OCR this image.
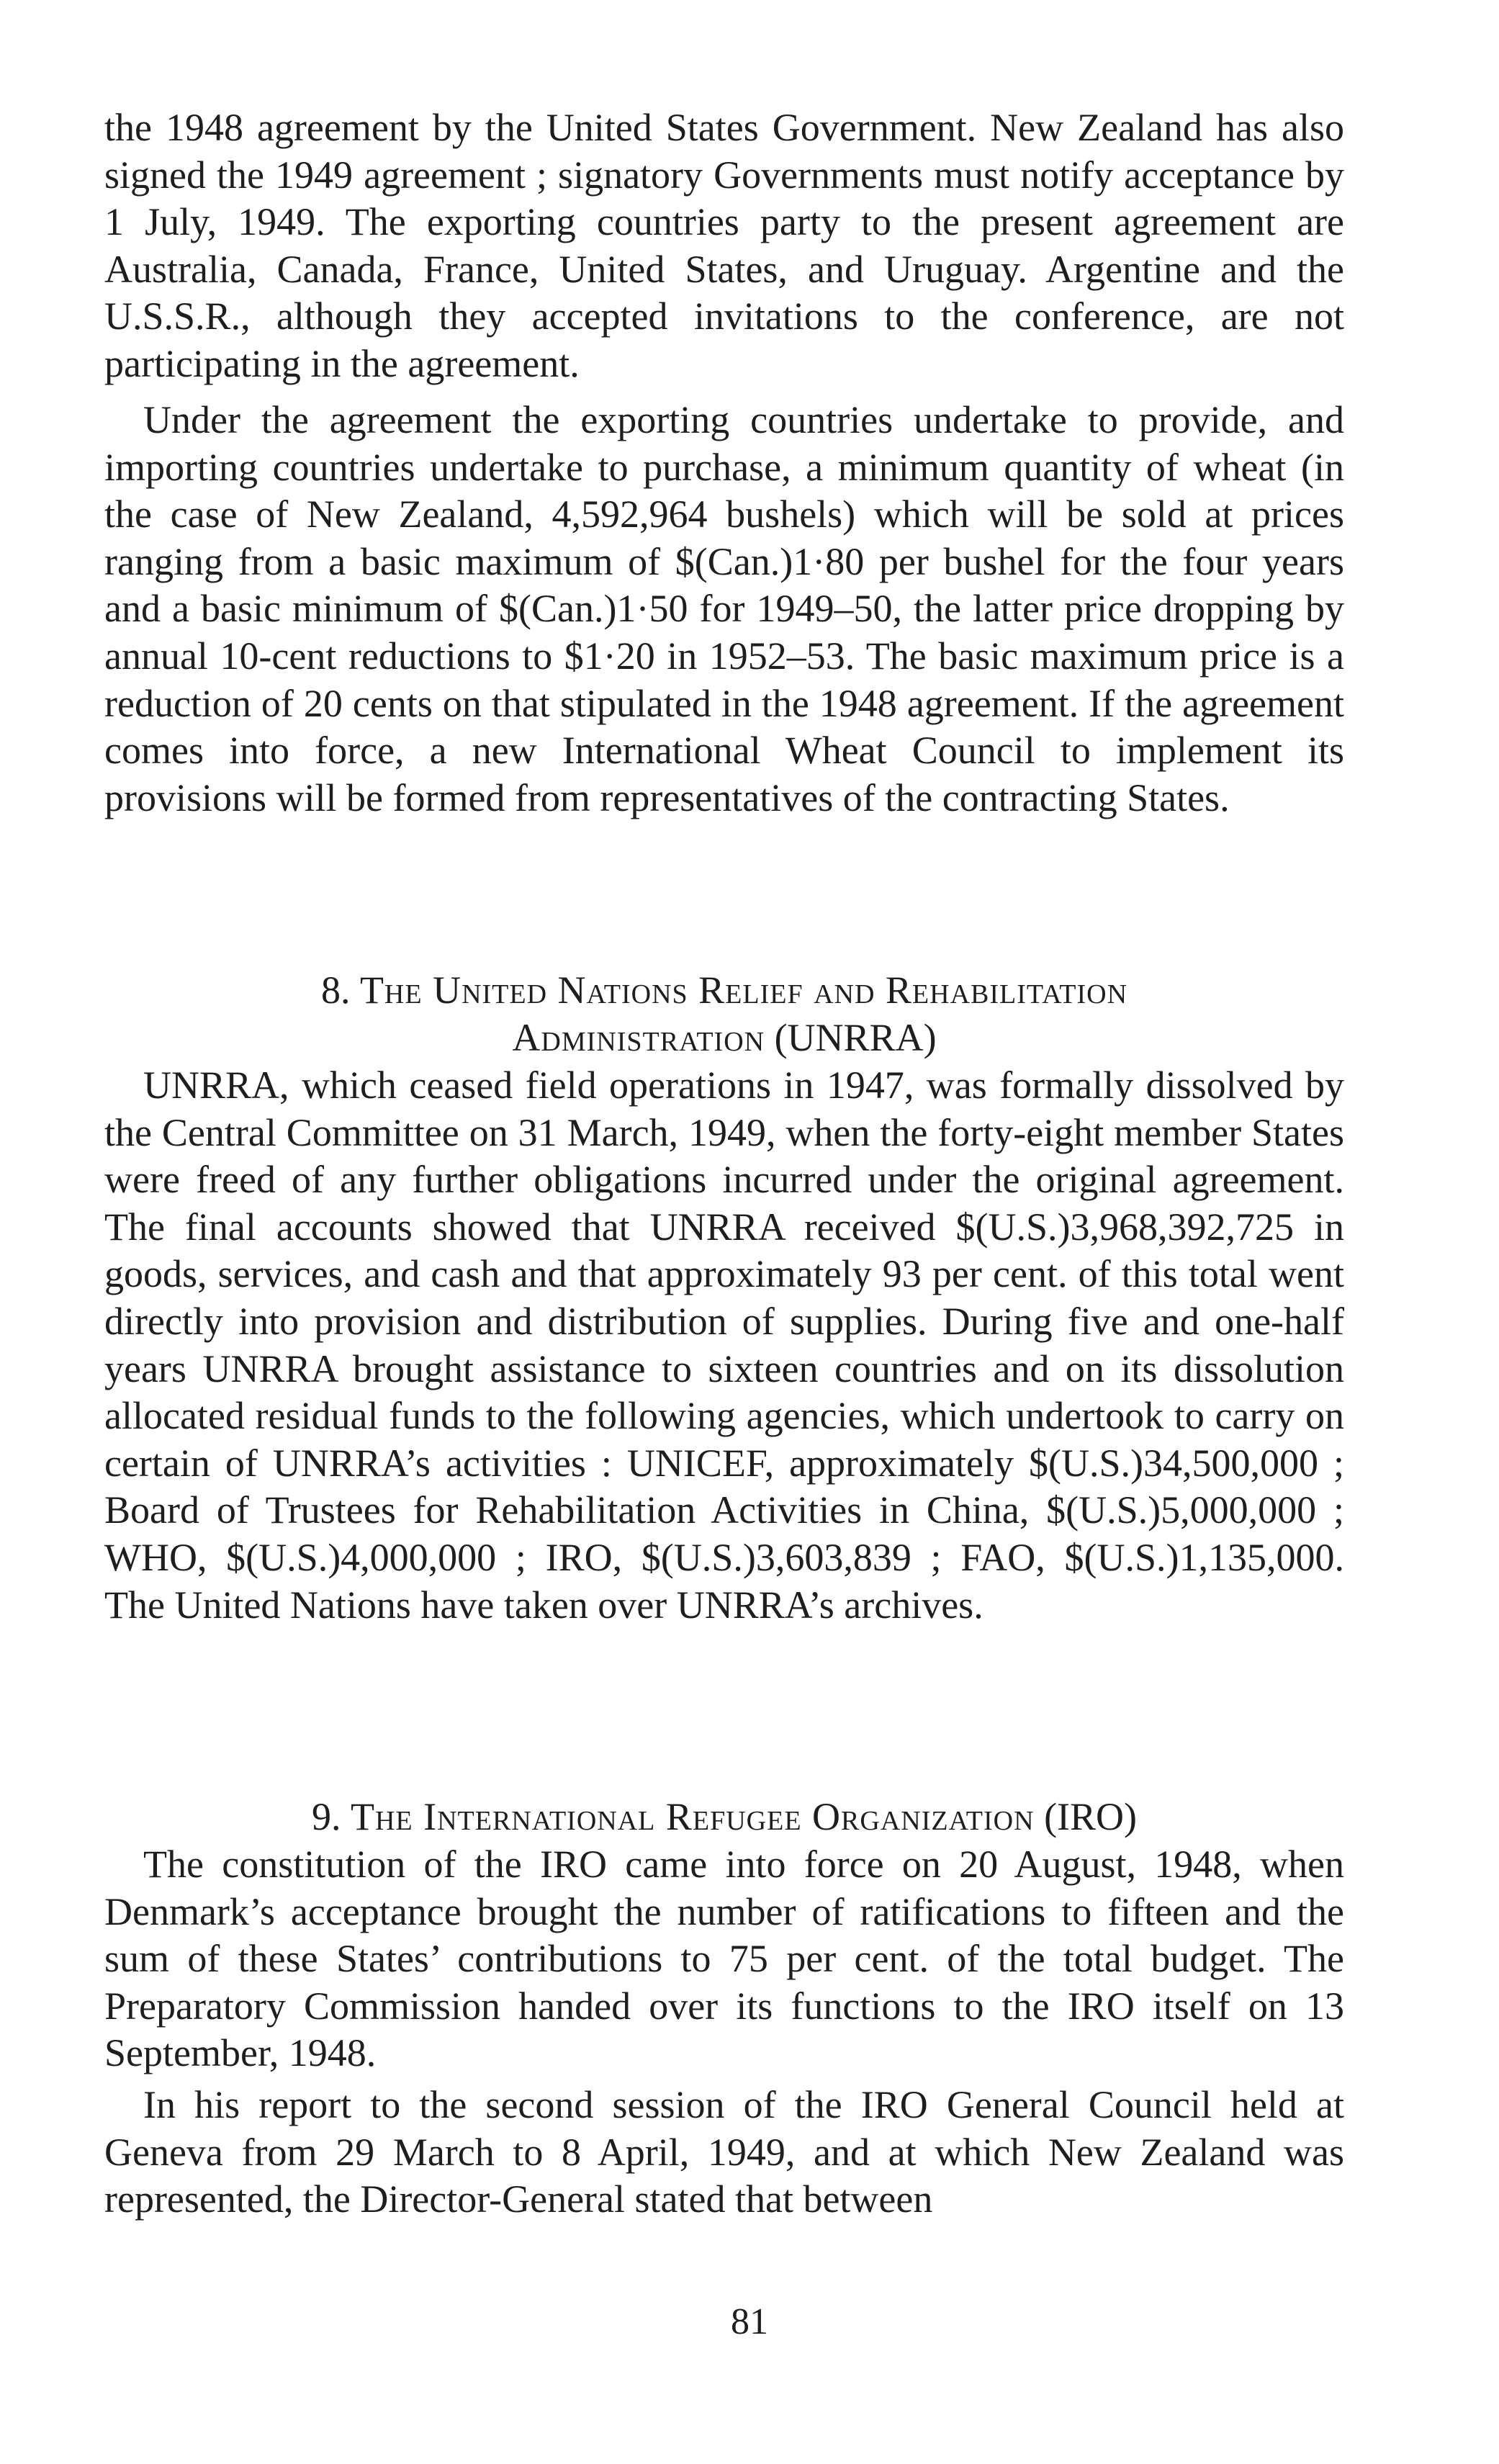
the 1948 agreement by the United States Government. New Zealand has also signed the 1949 agreement ; signatory Governments must notify acceptance by 1 July, 1949. The exporting countries party to the present agreement are Australia, Canada, France, United States, and Uruguay. Argentine and the U.S.S.R., although they accepted invitations to the conference, are not participating in the agreement.

Under the agreement the exporting countries undertake to provide, and importing countries undertake to purchase, a minimum quantity of wheat (in the case of New Zealand, 4,592,964 bushels) which will be sold at prices ranging from a basic maximum of $(Can.)1·80 per bushel for the four years and a basic minimum of $(Can.)1·50 for 1949–50, the latter price dropping by annual 10-cent reductions to $1·20 in 1952–53. The basic maximum price is a reduction of 20 cents on that stipulated in the 1948 agreement. If the agreement comes into force, a new International Wheat Council to implement its provisions will be formed from representatives of the contracting States.

8. The United Nations Relief and Rehabilitation
Administration (UNRRA)

UNRRA, which ceased field operations in 1947, was formally dissolved by the Central Committee on 31 March, 1949, when the forty-eight member States were freed of any further obligations incurred under the original agreement. The final accounts showed that UNRRA received $(U.S.)3,968,392,725 in goods, services, and cash and that approximately 93 per cent. of this total went directly into provision and distribution of supplies. During five and one-half years UNRRA brought assistance to sixteen countries and on its dissolution allocated residual funds to the following agencies, which undertook to carry on certain of UNRRA’s activities : UNICEF, approximately $(U.S.)34,500,000 ; Board of Trustees for Rehabilitation Activities in China, $(U.S.)5,000,000 ; WHO, $(U.S.)4,000,000 ; IRO, $(U.S.)3,603,839 ; FAO, $(U.S.)1,135,000. The United Nations have taken over UNRRA’s archives.

9. The International Refugee Organization (IRO)

The constitution of the IRO came into force on 20 August, 1948, when Denmark’s acceptance brought the number of ratifications to fifteen and the sum of these States’ contributions to 75 per cent. of the total budget. The Preparatory Commission handed over its functions to the IRO itself on 13 September, 1948.

In his report to the second session of the IRO General Council held at Geneva from 29 March to 8 April, 1949, and at which New Zealand was represented, the Director-General stated that between

81
